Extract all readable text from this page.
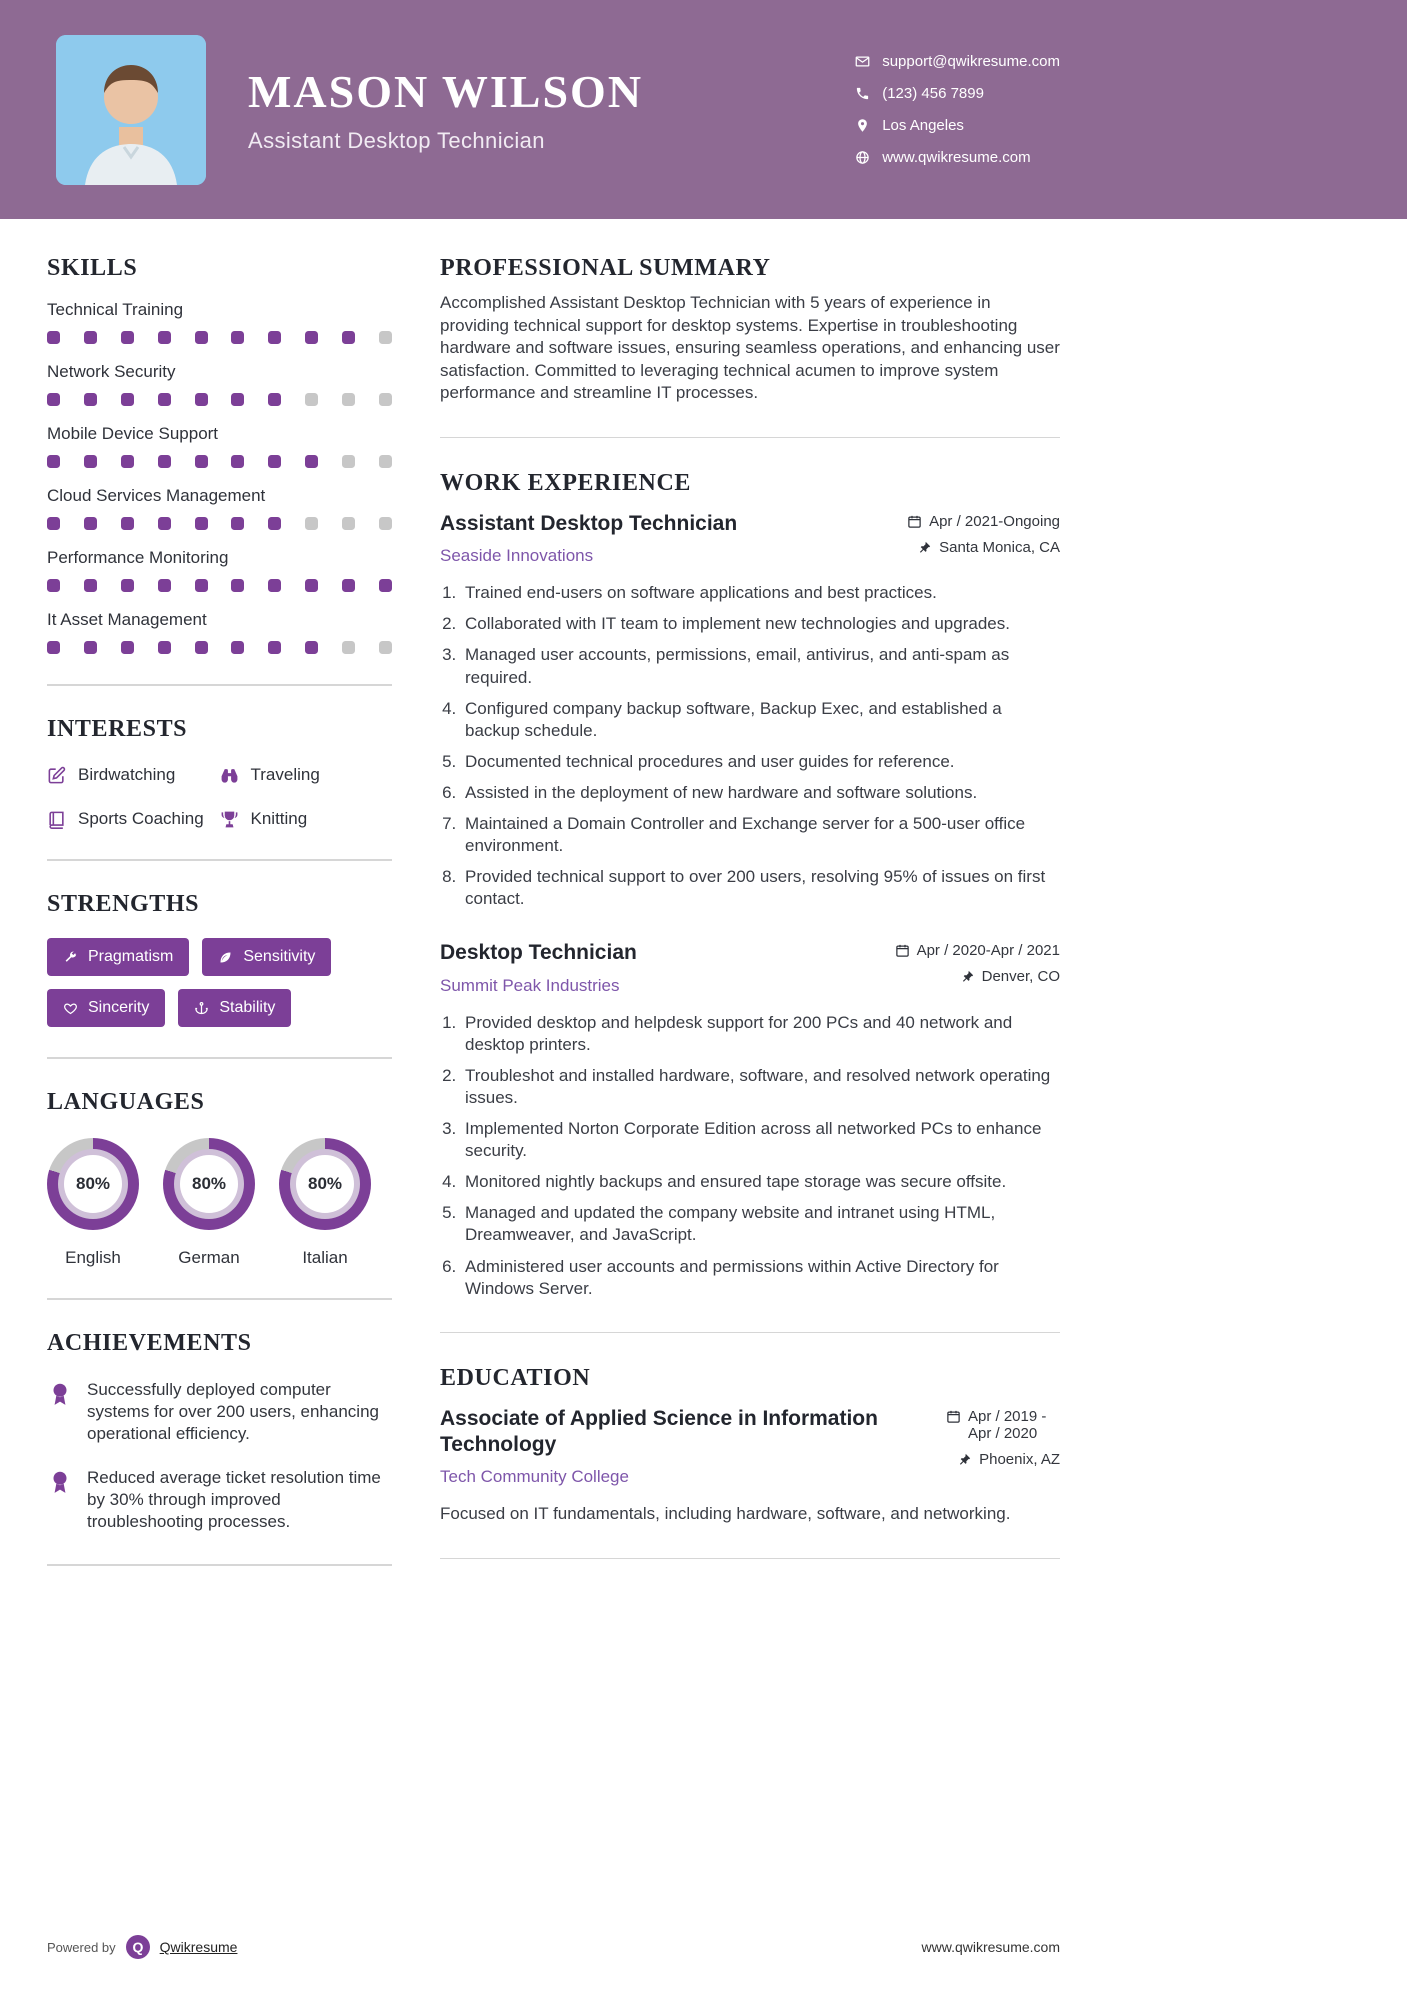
MASON WILSON
Assistant Desktop Technician
support@qwikresume.com
(123) 456 7899
Los Angeles
www.qwikresume.com
SKILLS
Technical Training
Network Security
Mobile Device Support
Cloud Services Management
Performance Monitoring
It Asset Management
INTERESTS
Birdwatching	Traveling
Sports Coaching	Knitting
STRENGTHS
Pragmatism	Sensitivity
Sincerity	Stability
LANGUAGES
80%
English
80%
German
80%
Italian
ACHIEVEMENTS
Successfully deployed computer systems for over 200 users, enhancing operational efficiency.
Reduced average ticket resolution time by 30% through improved troubleshooting processes.
PROFESSIONAL SUMMARY

Accomplished Assistant Desktop Technician with 5 years of experience in providing technical support for desktop systems. Expertise in troubleshooting hardware and software issues, ensuring seamless operations, and enhancing user satisfaction. Committed to leveraging technical acumen to improve system performance and streamline IT processes.

WORK EXPERIENCE
Assistant Desktop Technician
Seaside Innovations
Apr / 2021-Ongoing
Santa Monica, CA
1. Trained end-users on software applications and best practices.
2. Collaborated with IT team to implement new technologies and upgrades.
3. Managed user accounts, permissions, email, antivirus, and anti-spam as required.
4. Configured company backup software, Backup Exec, and established a backup schedule.
5. Documented technical procedures and user guides for reference.
6. Assisted in the deployment of new hardware and software solutions.
7. Maintained a Domain Controller and Exchange server for a 500-user office environment.
8. Provided technical support to over 200 users, resolving 95% of issues on first contact.
Desktop Technician
Summit Peak Industries
Apr / 2020-Apr / 2021
Denver, CO
1. Provided desktop and helpdesk support for 200 PCs and 40 network and desktop printers.
2. Troubleshot and installed hardware, software, and resolved network operating issues.
3. Implemented Norton Corporate Edition across all networked PCs to enhance security.
4. Monitored nightly backups and ensured tape storage was secure offsite.
5. Managed and updated the company website and intranet using HTML, Dreamweaver, and JavaScript.
6. Administered user accounts and permissions within Active Directory for Windows Server.
EDUCATION
Associate of Applied Science in Information Technology
Tech Community College
Apr / 2019 - Apr / 2020
Phoenix, AZ

Focused on IT fundamentals, including hardware, software, and networking.

Powered by Q Qwikresume	www.qwikresume.com
